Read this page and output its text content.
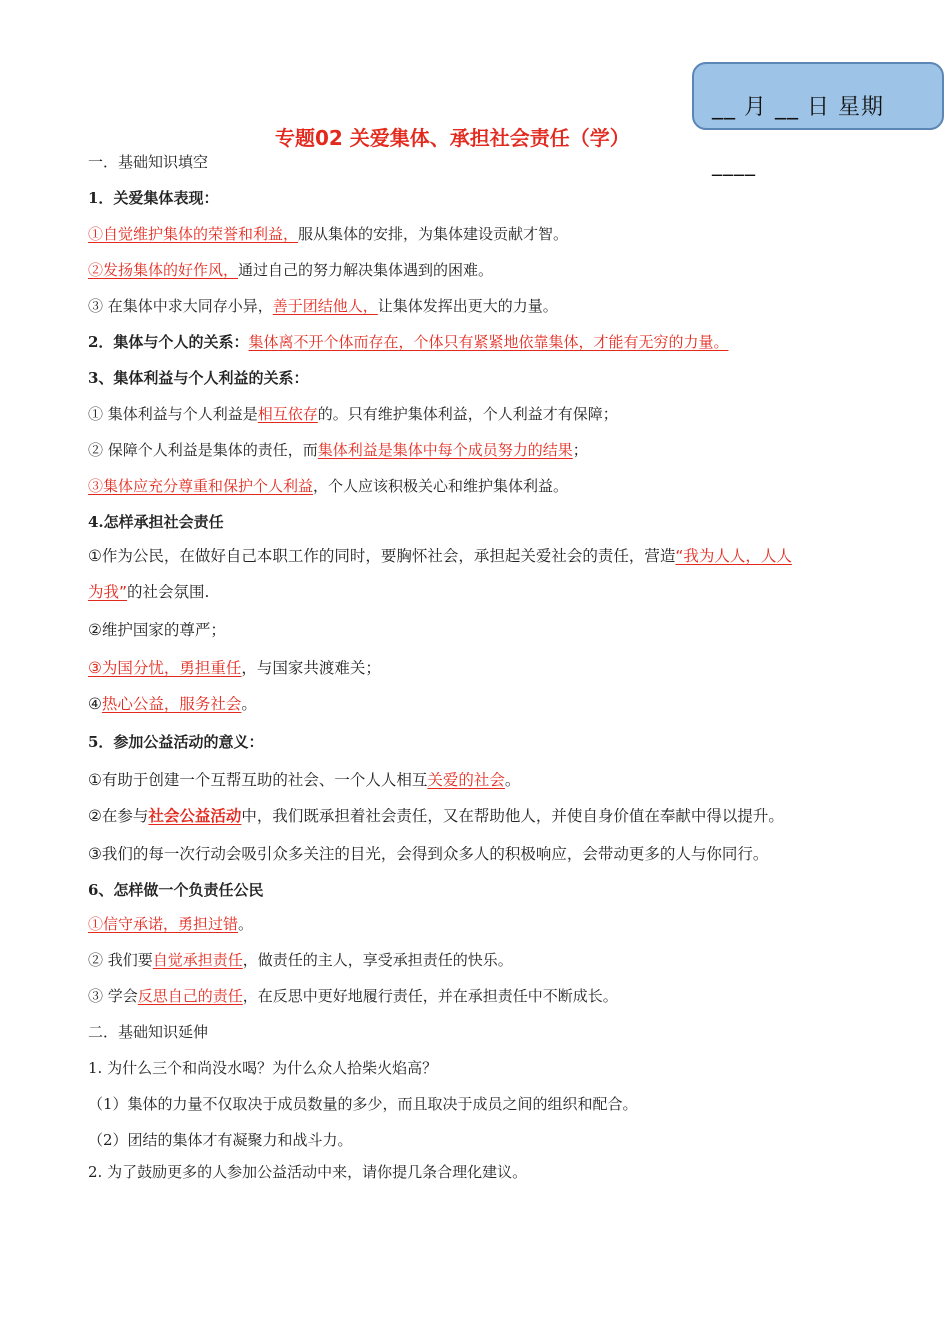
__ 月 __ 日 星期
____
专题02 关爱集体、承担社会责任（学）
一．基础知识填空
1．关爱集体表现：
①自觉维护集体的荣誉和利益，服从集体的安排，为集体建设贡献才智。
②发扬集体的好作风，通过自己的努力解决集体遇到的困难。
③ 在集体中求大同存小异，善于团结他人，让集体发挥出更大的力量。
2．集体与个人的关系：集体离不开个体而存在，个体只有紧紧地依靠集体，才能有无穷的力量。
3、集体利益与个人利益的关系：
① 集体利益与个人利益是相互依存的。只有维护集体利益，个人利益才有保障；
② 保障个人利益是集体的责任，而集体利益是集体中每个成员努力的结果；
③集体应充分尊重和保护个人利益，个人应该积极关心和维护集体利益。
4.怎样承担社会责任
①作为公民，在做好自己本职工作的同时，要胸怀社会，承担起关爱社会的责任，营造“我为人人，人人
为我”的社会氛围.
②维护国家的尊严；
③为国分忧，勇担重任，与国家共渡难关；
④热心公益，服务社会。
5．参加公益活动的意义：
①有助于创建一个互帮互助的社会、一个人人相互关爱的社会。
②在参与社会公益活动中，我们既承担着社会责任，又在帮助他人，并使自身价值在奉献中得以提升。
③我们的每一次行动会吸引众多关注的目光，会得到众多人的积极响应，会带动更多的人与你同行。
6、怎样做一个负责任公民
①信守承诺，勇担过错。
② 我们要自觉承担责任，做责任的主人，享受承担责任的快乐。
③ 学会反思自己的责任，在反思中更好地履行责任，并在承担责任中不断成长。
二．基础知识延伸
1. 为什么三个和尚没水喝？为什么众人拾柴火焰高？
（1）集体的力量不仅取决于成员数量的多少，而且取决于成员之间的组织和配合。
（2）团结的集体才有凝聚力和战斗力。
2. 为了鼓励更多的人参加公益活动中来，请你提几条合理化建议。
